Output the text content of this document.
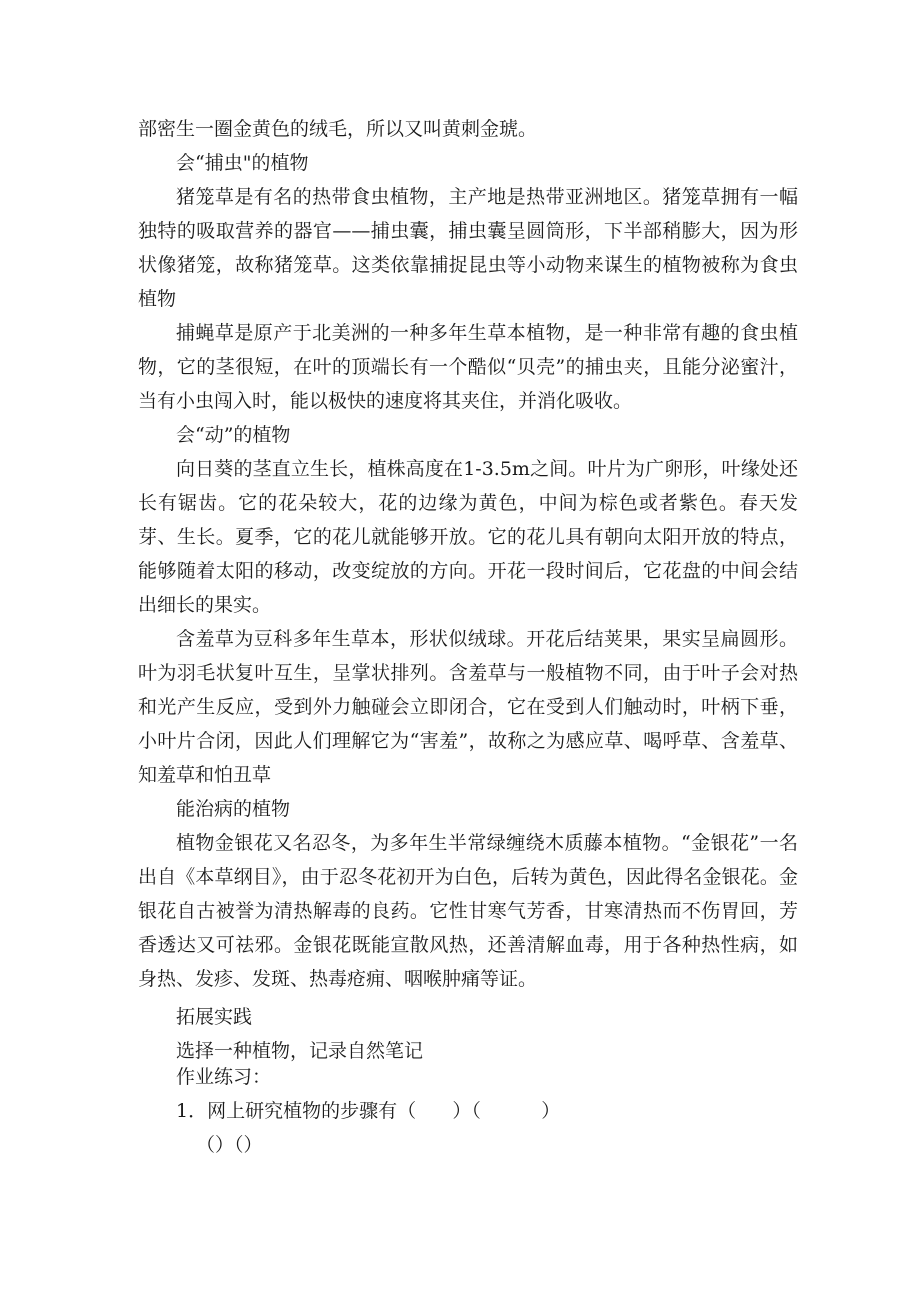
部密生一圈金黄色的绒毛，所以又叫黄刺金琥。

会“捕虫"的植物

猪笼草是有名的热带食虫植物，主产地是热带亚洲地区。猪笼草拥有一幅独特的吸取营养的器官——捕虫囊，捕虫囊呈圆筒形，下半部稍膨大，因为形状像猪笼，故称猪笼草。这类依靠捕捉昆虫等小动物来谋生的植物被称为食虫植物

捕蝇草是原产于北美洲的一种多年生草本植物，是一种非常有趣的食虫植物，它的茎很短，在叶的顶端长有一个酷似“贝壳”的捕虫夹，且能分泌蜜汁，当有小虫闯入时，能以极快的速度将其夹住，并消化吸收。

会“动”的植物

向日葵的茎直立生长，植株高度在1-3.5m之间。叶片为广卵形，叶缘处还长有锯齿。它的花朵较大，花的边缘为黄色，中间为棕色或者紫色。春天发芽、生长。夏季，它的花儿就能够开放。它的花儿具有朝向太阳开放的特点，能够随着太阳的移动，改变绽放的方向。开花一段时间后，它花盘的中间会结出细长的果实。

含羞草为豆科多年生草本，形状似绒球。开花后结荚果，果实呈扁圆形。叶为羽毛状复叶互生，呈掌状排列。含羞草与一般植物不同，由于叶子会对热和光产生反应，受到外力触碰会立即闭合，它在受到人们触动时，叶柄下垂，小叶片合闭，因此人们理解它为“害羞”，故称之为感应草、喝呼草、含羞草、知羞草和怕丑草

能治病的植物

植物金银花又名忍冬，为多年生半常绿缠绕木质藤本植物。“金银花”一名出自《本草纲目》，由于忍冬花初开为白色，后转为黄色，因此得名金银花。金银花自古被誉为清热解毒的良药。它性甘寒气芳香，甘寒清热而不伤胃回，芳香透达又可祛邪。金银花既能宣散风热，还善清解血毒，用于各种热性病，如身热、发疹、发斑、热毒疮痈、咽喉肿痛等证。

拓展实践

选择一种植物，记录自然笔记

作业练习：

1．网上研究植物的步骤有（      ）（          ）

（）（）
